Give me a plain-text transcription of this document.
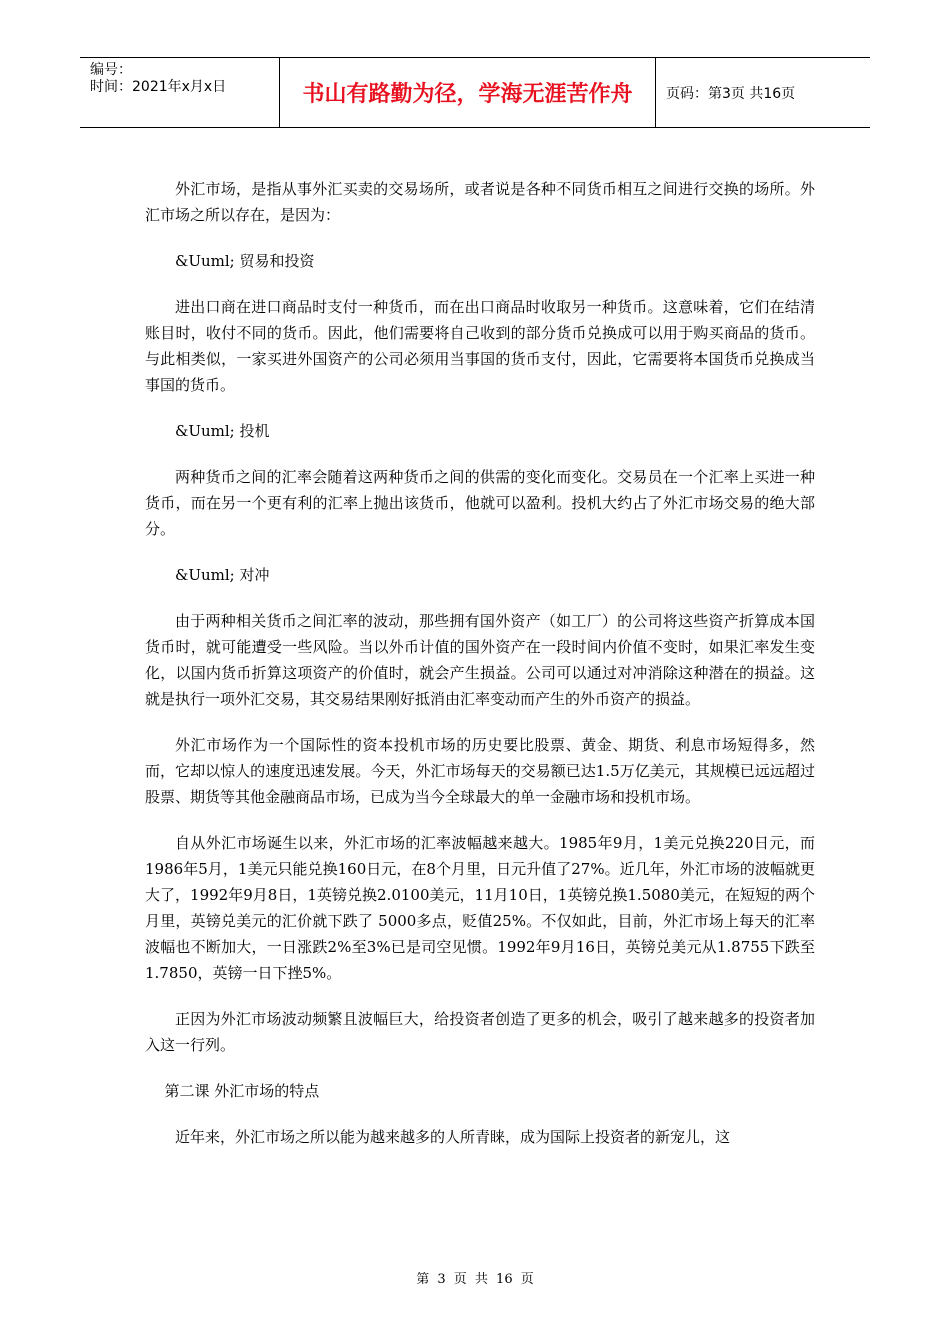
编号：
时间：2021年x月x日	书山有路勤为径，学海无涯苦作舟	页码：第3页 共16页

外汇市场，是指从事外汇买卖的交易场所，或者说是各种不同货币相互之间进行交换的场所。外汇市场之所以存在，是因为：

&Uuml; 贸易和投资

进出口商在进口商品时支付一种货币，而在出口商品时收取另一种货币。这意味着，它们在结清账目时，收付不同的货币。因此，他们需要将自己收到的部分货币兑换成可以用于购买商品的货币。与此相类似，一家买进外国资产的公司必须用当事国的货币支付，因此，它需要将本国货币兑换成当事国的货币。

&Uuml; 投机

两种货币之间的汇率会随着这两种货币之间的供需的变化而变化。交易员在一个汇率上买进一种货币，而在另一个更有利的汇率上抛出该货币，他就可以盈利。投机大约占了外汇市场交易的绝大部分。

&Uuml; 对冲

由于两种相关货币之间汇率的波动，那些拥有国外资产（如工厂）的公司将这些资产折算成本国货币时，就可能遭受一些风险。当以外币计值的国外资产在一段时间内价值不变时，如果汇率发生变化，以国内货币折算这项资产的价值时，就会产生损益。公司可以通过对冲消除这种潜在的损益。这就是执行一项外汇交易，其交易结果刚好抵消由汇率变动而产生的外币资产的损益。

外汇市场作为一个国际性的资本投机市场的历史要比股票、黄金、期货、利息市场短得多，然而，它却以惊人的速度迅速发展。今天，外汇市场每天的交易额已达1.5万亿美元，其规模已远远超过股票、期货等其他金融商品市场，已成为当今全球最大的单一金融市场和投机市场。

自从外汇市场诞生以来，外汇市场的汇率波幅越来越大。1985年9月，1美元兑换220日元，而1986年5月，1美元只能兑换160日元，在8个月里，日元升值了27%。近几年，外汇市场的波幅就更大了，1992年9月8日，1英镑兑换2.0100美元，11月10日，1英镑兑换1.5080美元，在短短的两个月里，英镑兑美元的汇价就下跌了 5000多点，贬值25%。不仅如此，目前，外汇市场上每天的汇率波幅也不断加大，一日涨跌2%至3%已是司空见惯。1992年9月16日，英镑兑美元从1.8755下跌至1.7850，英镑一日下挫5%。

正因为外汇市场波动频繁且波幅巨大，给投资者创造了更多的机会，吸引了越来越多的投资者加入这一行列。

第二课 外汇市场的特点

近年来，外汇市场之所以能为越来越多的人所青睐，成为国际上投资者的新宠儿，这

第 3 页 共 16 页
